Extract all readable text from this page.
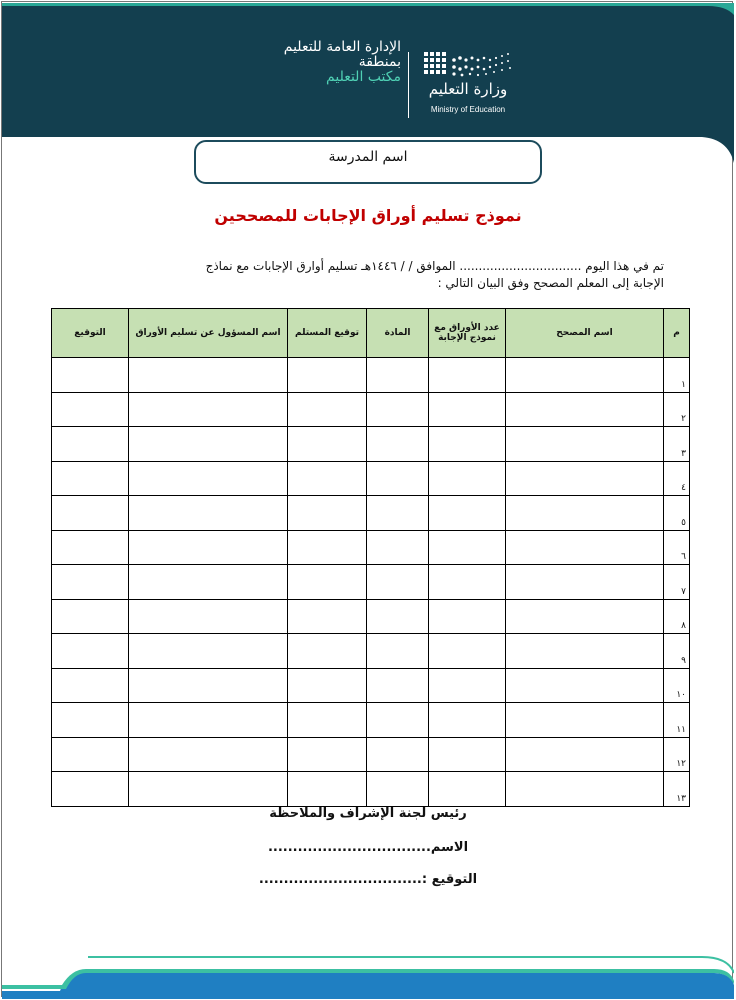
وزارة التعليم
Ministry of Education
الإدارة العامة للتعليم
بمنطقة
مكتب التعليم
اسم المدرسة
نموذج تسليم أوراق الإجابات للمصححين
تم في هذا اليوم ................................ الموافق / / ١٤٤٦هـ تسليم أوارق الإجابات مع نماذج
الإجابة إلى المعلم المصحح وفق البيان التالي :
م	اسم المصحح	عدد الأوراق مع نموذج الإجابة	المادة	توقيع المستلم	اسم المسؤول عن تسليم الأوراق	التوقيع
١						
٢						
٣						
٤						
٥						
٦						
٧						
٨						
٩						
١٠						
١١						
١٢						
١٣						
رئيس لجنة الإشراف والملاحظة
الاسم.................................
التوقيع :.................................
